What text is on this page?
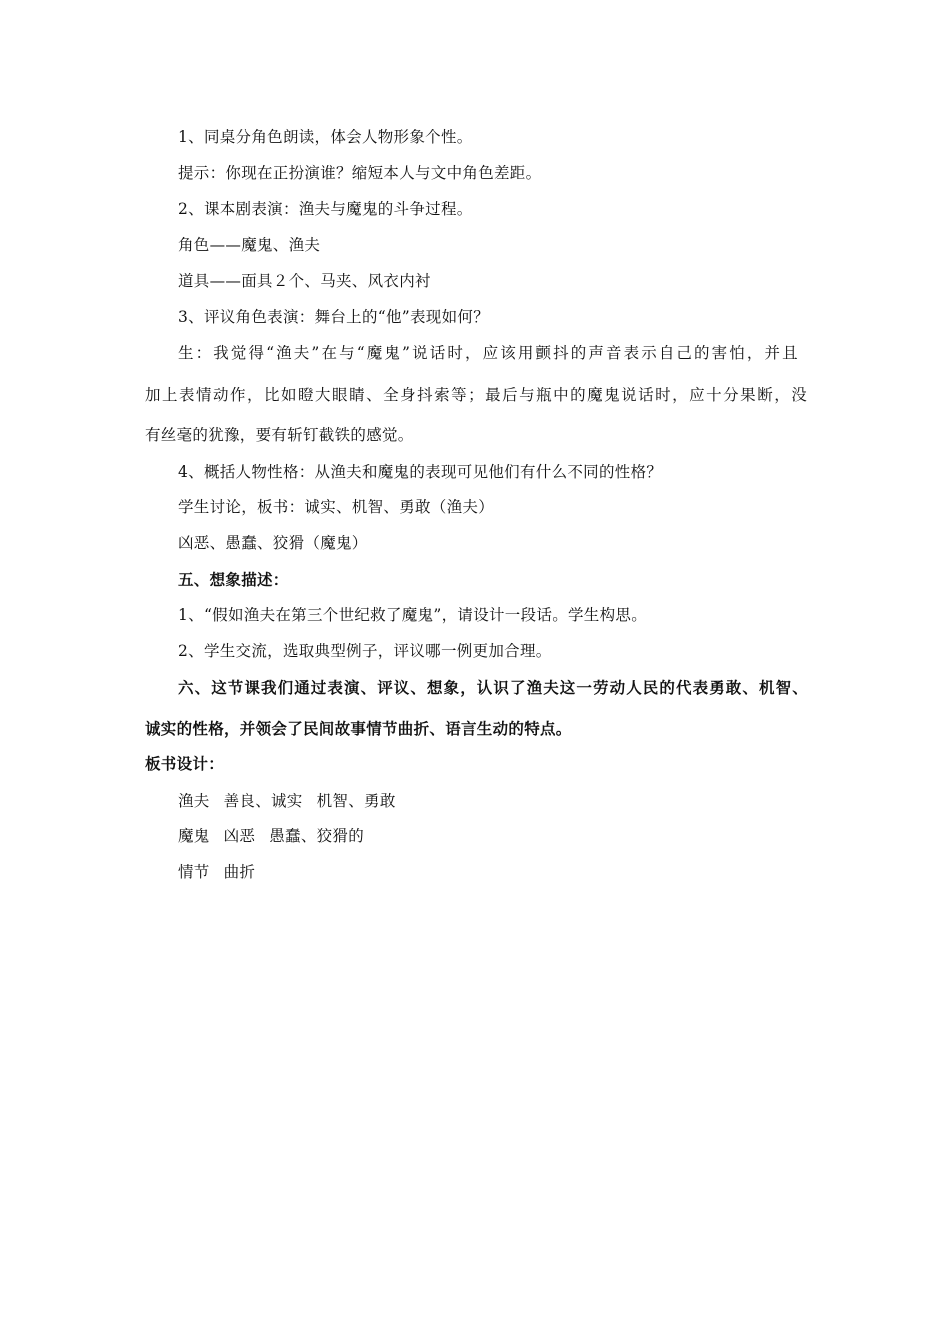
1、同桌分角色朗读，体会人物形象个性。
提示：你现在正扮演谁？缩短本人与文中角色差距。
2、课本剧表演：渔夫与魔鬼的斗争过程。
角色——魔鬼、渔夫
道具——面具２个、马夹、风衣内衬
3、评议角色表演：舞台上的“他”表现如何？
生：我觉得“渔夫”在与“魔鬼”说话时，应该用颤抖的声音表示自己的害怕，并且
加上表情动作，比如瞪大眼睛、全身抖索等；最后与瓶中的魔鬼说话时，应十分果断，没
有丝毫的犹豫，要有斩钉截铁的感觉。
4、概括人物性格：从渔夫和魔鬼的表现可见他们有什么不同的性格？
学生讨论，板书：诚实、机智、勇敢（渔夫）
凶恶、愚蠢、狡猾（魔鬼）
五、想象描述：
1、“假如渔夫在第三个世纪救了魔鬼”，请设计一段话。学生构思。
2、学生交流，选取典型例子，评议哪一例更加合理。
六、这节课我们通过表演、评议、想象，认识了渔夫这一劳动人民的代表勇敢、机智、
诚实的性格，并领会了民间故事情节曲折、语言生动的特点。
板书设计：
渔夫 善良、诚实 机智、勇敢
魔鬼 凶恶 愚蠢、狡猾的
情节 曲折
